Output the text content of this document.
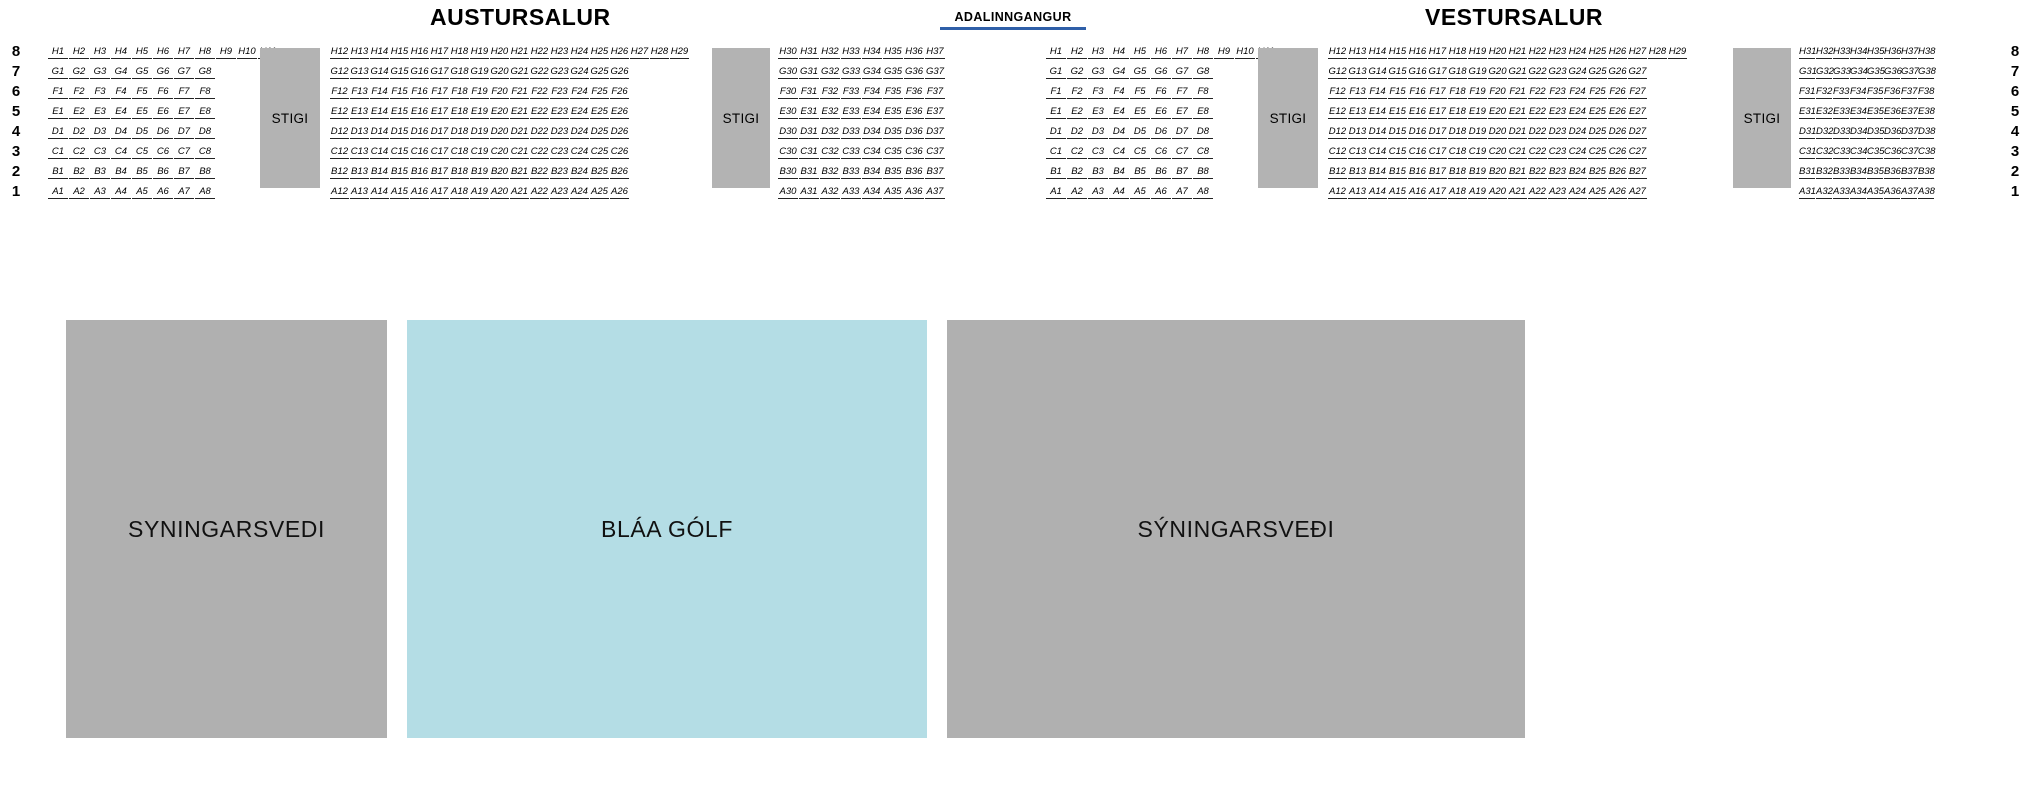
AUSTURSALUR	VESTURSALUR
ADALINNGANGUR
8
7
6
5
4
3
2
1
8
7
6
5
4
3
2
1
H1 H2 H3 H4 H5 H6 H7 H8 H9 H10
G1 G2 G3 G4 G5 G6 G7 G8
F1	F2	F3	F4	F5	F6	F7	F8
E1 E2 E3 E4 E5 E6 E7 E8
D1 D2 D3 D4 D5 D6 D7 D8
C1 C2 C3 C4 C5 C6 C7 C8
B1 B2 B3 B4 B5 B6 B7 B8
A1 A2 A3 A4 A5 A6 A7 A8
H12 H13 H14 H15 H16 H17 H18 H19 H20 H21 H22 H23 H24 H25 H26 H27 H28 H29
G12 G13 G14 G15 G16 G17 G18 G19 G20 G21 G22 G23 G24 G25 G26
F12 F13 F14 F15 F16 F17 F18 F19 F20 F21 F22 F23 F24 F25 F26
E12 E13 E14 E15 E16 E17 E18 E19 E20 E21 E22 E23 E24 E25 E26
D12 D13 D14 D15 D16 D17 D18 D19 D20 D21 D22 D23 D24 D25 D26
C12 C13 C14 C15 C16 C17 C18 C19 C20 C21 C22 C23 C24 C25 C26
B12 B13 B14 B15 B16 B17 B18 B19 B20 B21 B22 B23 B24 B25 B26
A12 A13 A14 A15 A16 A17 A18 A19 A20 A21 A22 A23 A24 A25 A26
H30 H31 H32 H33 H34 H35 H36 H37
G30 G31 G32 G33 G34 G35 G36 G37
F30 F31 F32 F33 F34 F35 F36 F37
E30 E31 E32 E33 E34 E35 E36 E37
D30 D31 D32 D33 D34 D35 D36 D37
C30 C31 C32 C33 C34 C35 C36 C37
B30 B31 B32 B33 B34 B35 B36 B37
A30 A31 A32 A33 A34 A35 A36 A37
H1 H2 H3 H4 H5 H6 H7 H8 H9 H10
G1 G2 G3 G4 G5 G6 G7 G8
F1	F2	F3	F4	F5	F6	F7	F8
E1 E2 E3 E4 E5 E6 E7 E8
D1 D2 D3 D4 D5 D6 D7 D8
C1 C2 C3 C4 C5 C6 C7 C8
B1 B2 B3 B4 B5 B6 B7 B8
A1 A2 A3 A4 A5 A6 A7 A8
H12 H13 H14 H15 H16 H17 H18 H19 H20 H21 H22 H23 H24 H25 H26 H27 H28 H29
G12 G13 G14 G15 G16 G17 G18 G19 G20 G21 G22 G23 G24 G25 G26 G27
F12 F13 F14 F15 F16 F17 F18 F19 F20 F21 F22 F23 F24 F25 F26 F27
E12 E13 E14 E15 E16 E17 E18 E19 E20 E21 E22 E23 E24 E25 E26 E27
D12 D13 D14 D15 D16 D17 D18 D19 D20 D21 D22 D23 D24 D25 D26 D27
C12 C13 C14 C15 C16 C17 C18 C19 C20 C21 C22 C23 C24 C25 C26 C27
B12 B13 B14 B15 B16 B17 B18 B19 B20 B21 B22 B23 B24 B25 B26 B27
A12 A13 A14 A15 A16 A17 A18 A19 A20 A21 A22 A23 A24 A25 A26 A27
H31 H32 H33 H34 H35 H36 H37 H38
G31 G32 G33 G34 G35 G36 G37 G38
F31 F32 F33 F34 F35 F36 F37 F38
E31 E32 E33 E34 E35 E36 E37 E38
D31 D32 D33 D34 D35 D36 D37 D38
C31 C32 C33 C34 C35 C36 C37 C38
B31 B32 B33 B34 B35 B36 B37 B38
A31 A32 A33 A34 A35 A36 A37 A38
STIGI	STIGI	STIGI	STIGI
SYNINGARSVEDI	BLÁA GÓLF	SÝNINGARSVEÐI
